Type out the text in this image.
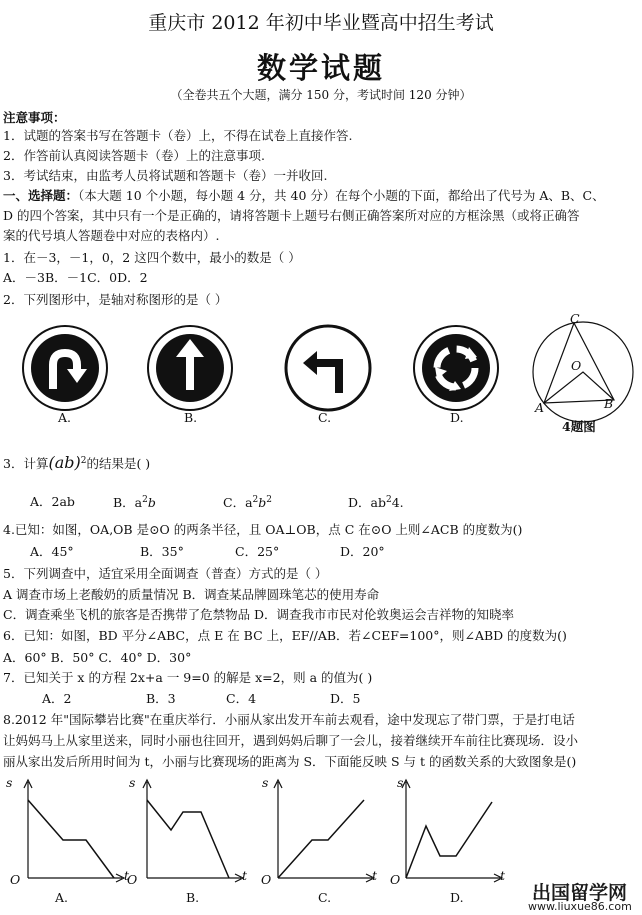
重庆市 2012 年初中毕业暨高中招生考试
数学试题
（全卷共五个大题，满分 150 分，考试时间 120 分钟）
注意事项：
1．试题的答案书写在答题卡（卷）上，不得在试卷上直接作答.
2．作答前认真阅读答题卡（卷）上的注意事项.
3．考试结束，由监考人员将试题和答题卡（卷）一并收回.
一、选择题：（本大题 10 个小题，每小题 4 分，共 40 分）在每个小题的下面，都给出了代号为 A、B、C、
D 的四个答案，其中只有一个是正确的，请将答题卡上题号右侧正确答案所对应的方框涂黑（或将正确答
案的代号填人答题卷中对应的表格内）.
1．在－3，－1，0，2 这四个数中，最小的数是（ ）
A．－3B．－1C．0D．2
2．下列图形中，是轴对称图形的是（ ）
A.	B.	C.	D.
C
O
A	B
4题图
3．计算(ab)$^2$的结果是( )
A．2ab	B．$a^2b$	C．$a^2b^2$	D．$ab^24$.
4.已知：如图，OA,OB 是⊙O 的两条半径，且 OA⊥OB，点 C 在⊙O 上则∠ACB 的度数为()
A．45°	B．35°	C．25°	D．20°
5．下列调查中，适宜采用全面调查（普查）方式的是（ ）
A 调查市场上老酸奶的质量情况 B．调查某品牌圆珠笔芯的使用寿命
C．调查乘坐飞机的旅客是否携带了危禁物品 D．调查我市市民对伦敦奥运会吉祥物的知晓率
6．已知：如图，BD 平分∠ABC，点 E 在 BC 上，EF//AB．若∠CEF=100°，则∠ABD 的度数为()
A．60° B．50° C．40° D．30°
7．已知关于 x 的方程 2x+a 一 9=0 的解是 x=2，则 a 的值为( )
A．2	B．3	C．4	D．5
8.2012 年"国际攀岩比赛"在重庆举行．小丽从家出发开车前去观看，途中发现忘了带门票，于是打电话
让妈妈马上从家里送来，同时小丽也往回开，遇到妈妈后聊了一会儿，接着继续开车前往比赛现场．设小
丽从家出发后所用时间为 t，小丽与比赛现场的距离为 S．下面能反映 S 与 t 的函数关系的大致图象是()
s
O	t
A.
s
O	t
B.
s
O	t
C.
s
O	t
D.	出国留学网
www.liuxue86.com
